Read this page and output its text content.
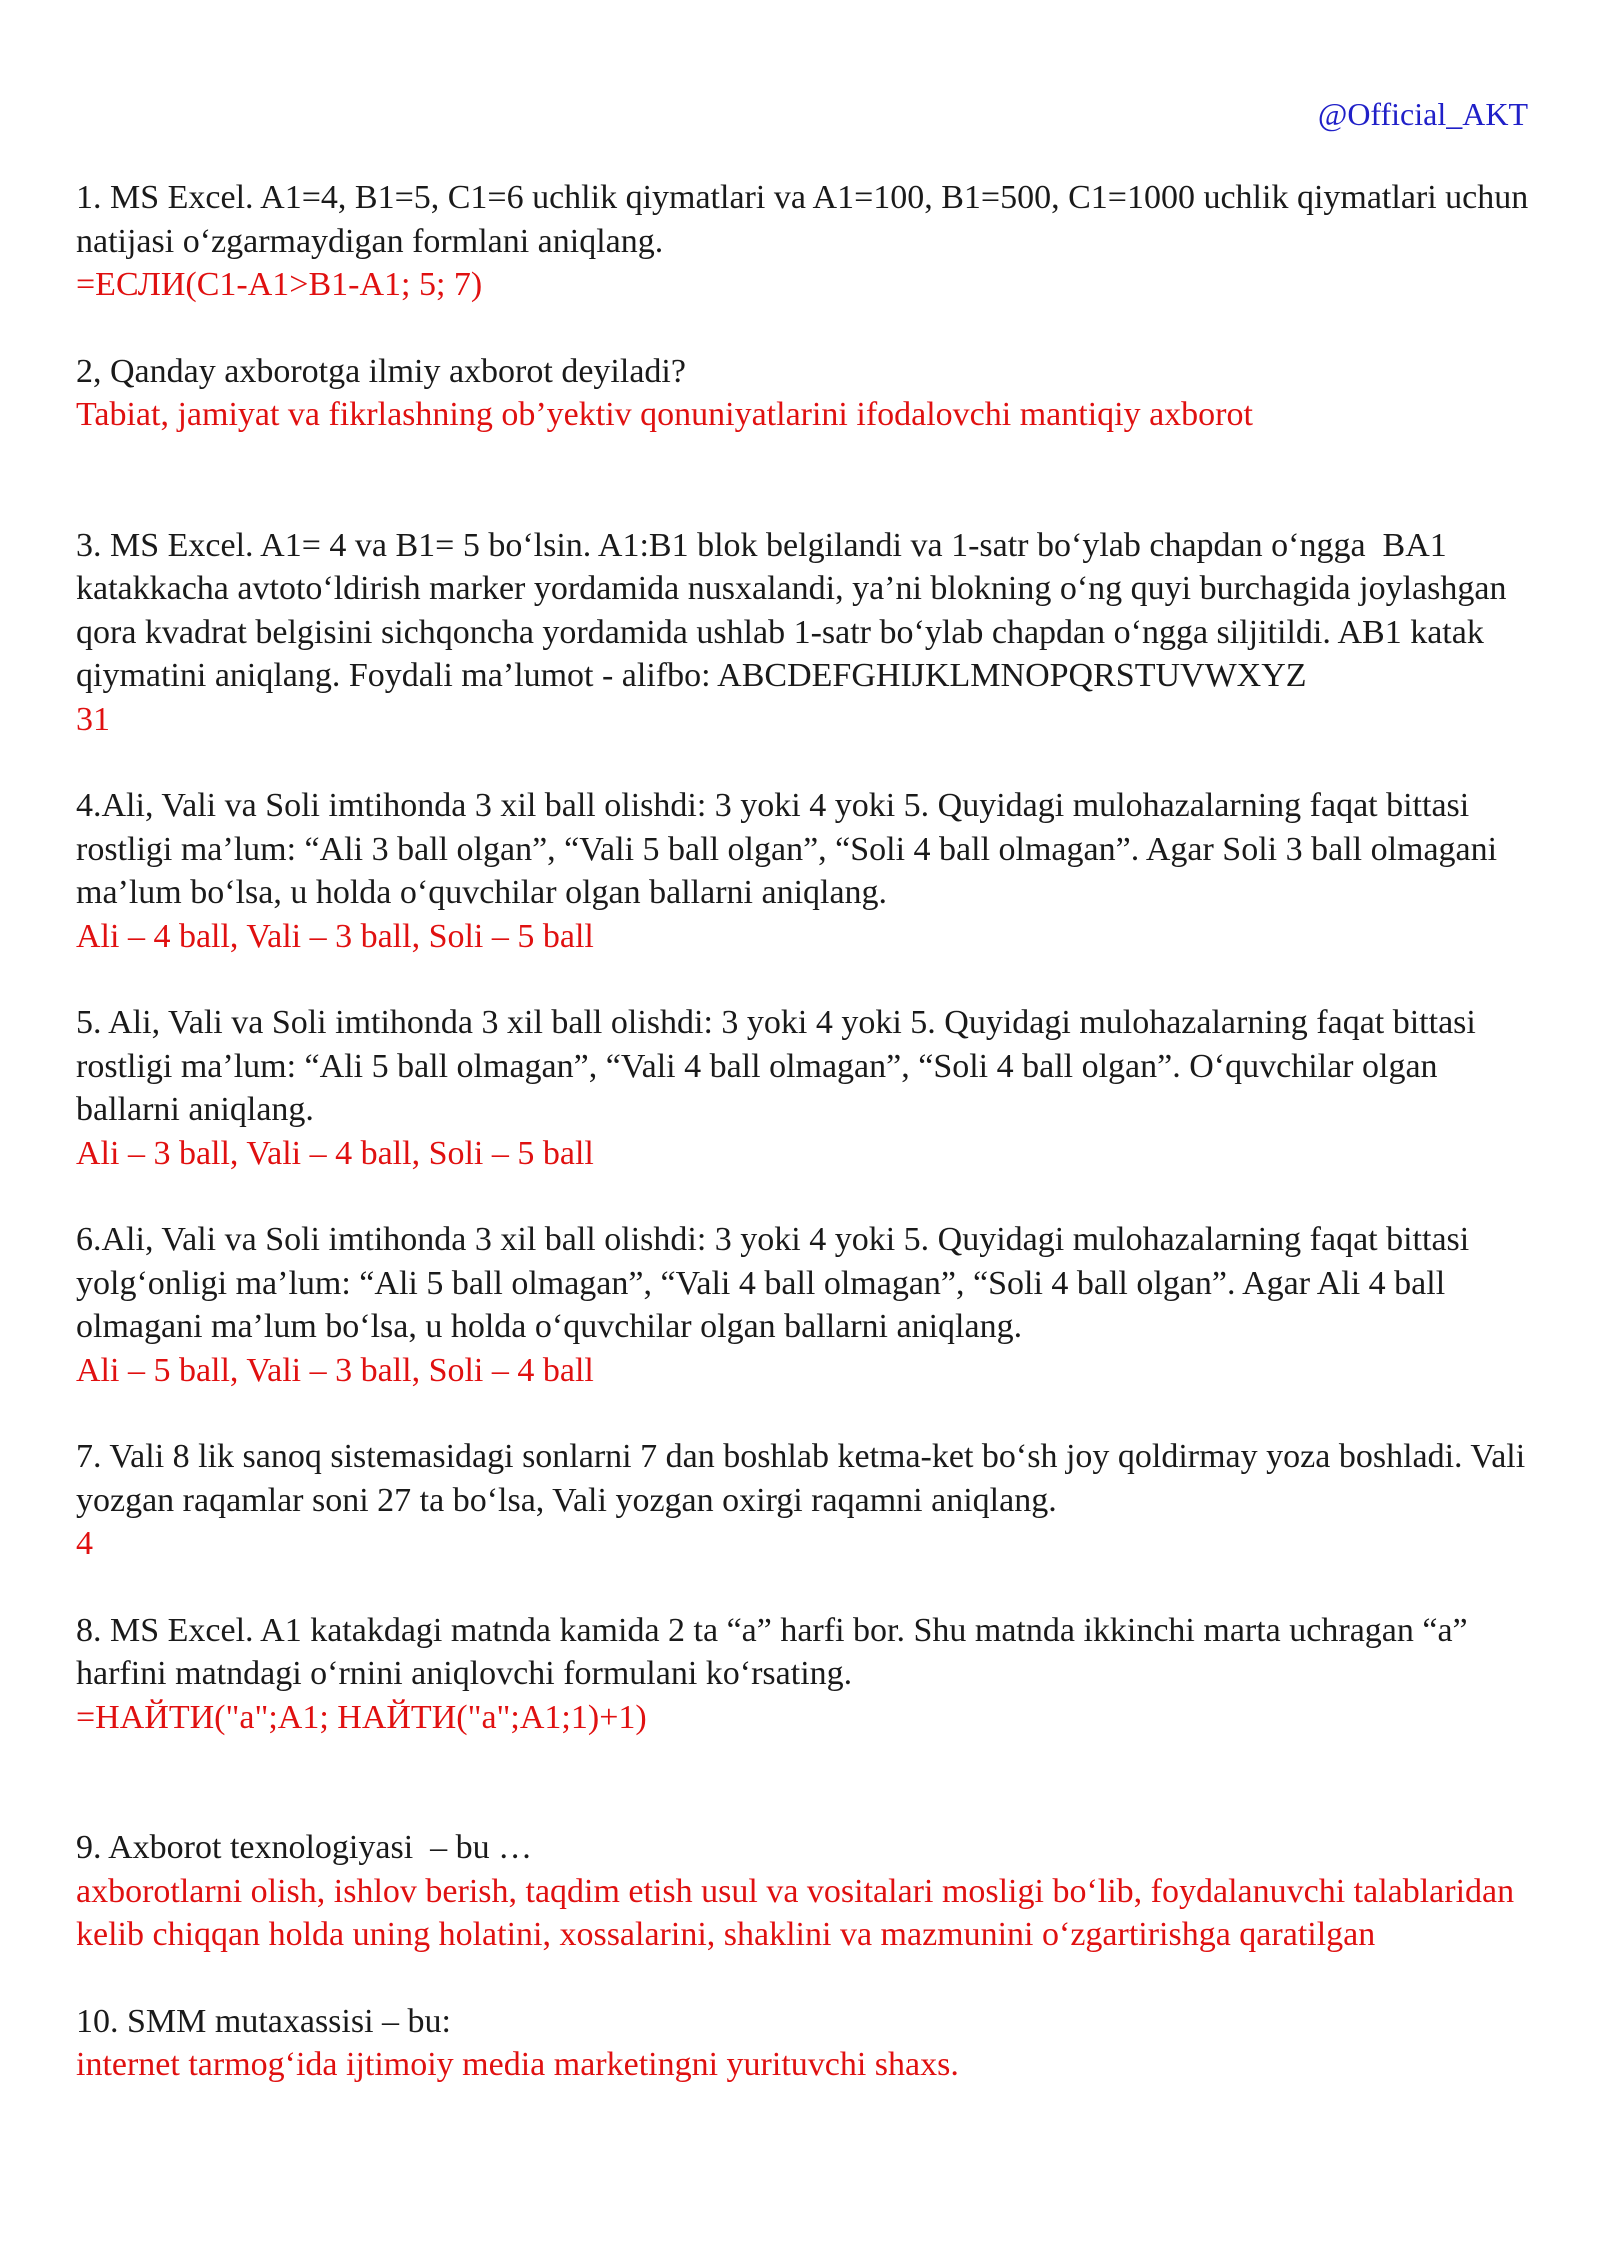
@Official_AKT

1. MS Excel. A1=4, B1=5, C1=6 uchlik qiymatlari va A1=100, B1=500, C1=1000 uchlik qiymatlari uchun natijasi o‘zgarmaydigan formlani aniqlang.

=ЕСЛИ(C1-A1>B1-A1; 5; 7)

2, Qanday axborotga ilmiy axborot deyiladi?

Tabiat, jamiyat va fikrlashning ob’yektiv qonuniyatlarini ifodalovchi mantiqiy axborot

3. MS Excel. A1= 4 va B1= 5 bo‘lsin. A1:B1 blok belgilandi va 1-satr bo‘ylab chapdan o‘ngga  BA1 katakkacha avtoto‘ldirish marker yordamida nusxalandi, ya’ni blokning o‘ng quyi burchagida joylashgan qora kvadrat belgisini sichqoncha yordamida ushlab 1-satr bo‘ylab chapdan o‘ngga siljitildi. AB1 katak qiymatini aniqlang. Foydali ma’lumot - alifbo: ABCDEFGHIJKLMNOPQRSTUVWXYZ

31

4.Ali, Vali va Soli imtihonda 3 xil ball olishdi: 3 yoki 4 yoki 5. Quyidagi mulohazalarning faqat bittasi rostligi ma’lum: “Ali 3 ball olgan”, “Vali 5 ball olgan”, “Soli 4 ball olmagan”. Agar Soli 3 ball olmagani ma’lum bo‘lsa, u holda o‘quvchilar olgan ballarni aniqlang.

Ali – 4 ball, Vali – 3 ball, Soli – 5 ball

5. Ali, Vali va Soli imtihonda 3 xil ball olishdi: 3 yoki 4 yoki 5. Quyidagi mulohazalarning faqat bittasi rostligi ma’lum: “Ali 5 ball olmagan”, “Vali 4 ball olmagan”, “Soli 4 ball olgan”. O‘quvchilar olgan ballarni aniqlang.

Ali – 3 ball, Vali – 4 ball, Soli – 5 ball

6.Ali, Vali va Soli imtihonda 3 xil ball olishdi: 3 yoki 4 yoki 5. Quyidagi mulohazalarning faqat bittasi yolg‘onligi ma’lum: “Ali 5 ball olmagan”, “Vali 4 ball olmagan”, “Soli 4 ball olgan”. Agar Ali 4 ball olmagani ma’lum bo‘lsa, u holda o‘quvchilar olgan ballarni aniqlang.

Ali – 5 ball, Vali – 3 ball, Soli – 4 ball

7. Vali 8 lik sanoq sistemasidagi sonlarni 7 dan boshlab ketma-ket bo‘sh joy qoldirmay yoza boshladi. Vali yozgan raqamlar soni 27 ta bo‘lsa, Vali yozgan oxirgi raqamni aniqlang.

4

8. MS Excel. A1 katakdagi matnda kamida 2 ta “a” harfi bor. Shu matnda ikkinchi marta uchragan “a” harfini matndagi o‘rnini aniqlovchi formulani ko‘rsating.

=НАЙТИ("a";A1; НАЙТИ("a";A1;1)+1)

9. Axborot texnologiyasi  – bu …

axborotlarni olish, ishlov berish, taqdim etish usul va vositalari mosligi bo‘lib, foydalanuvchi talablaridan kelib chiqqan holda uning holatini, xossalarini, shaklini va mazmunini o‘zgartirishga qaratilgan

10. SMM mutaxassisi – bu:

internet tarmog‘ida ijtimoiy media marketingni yurituvchi shaxs.
